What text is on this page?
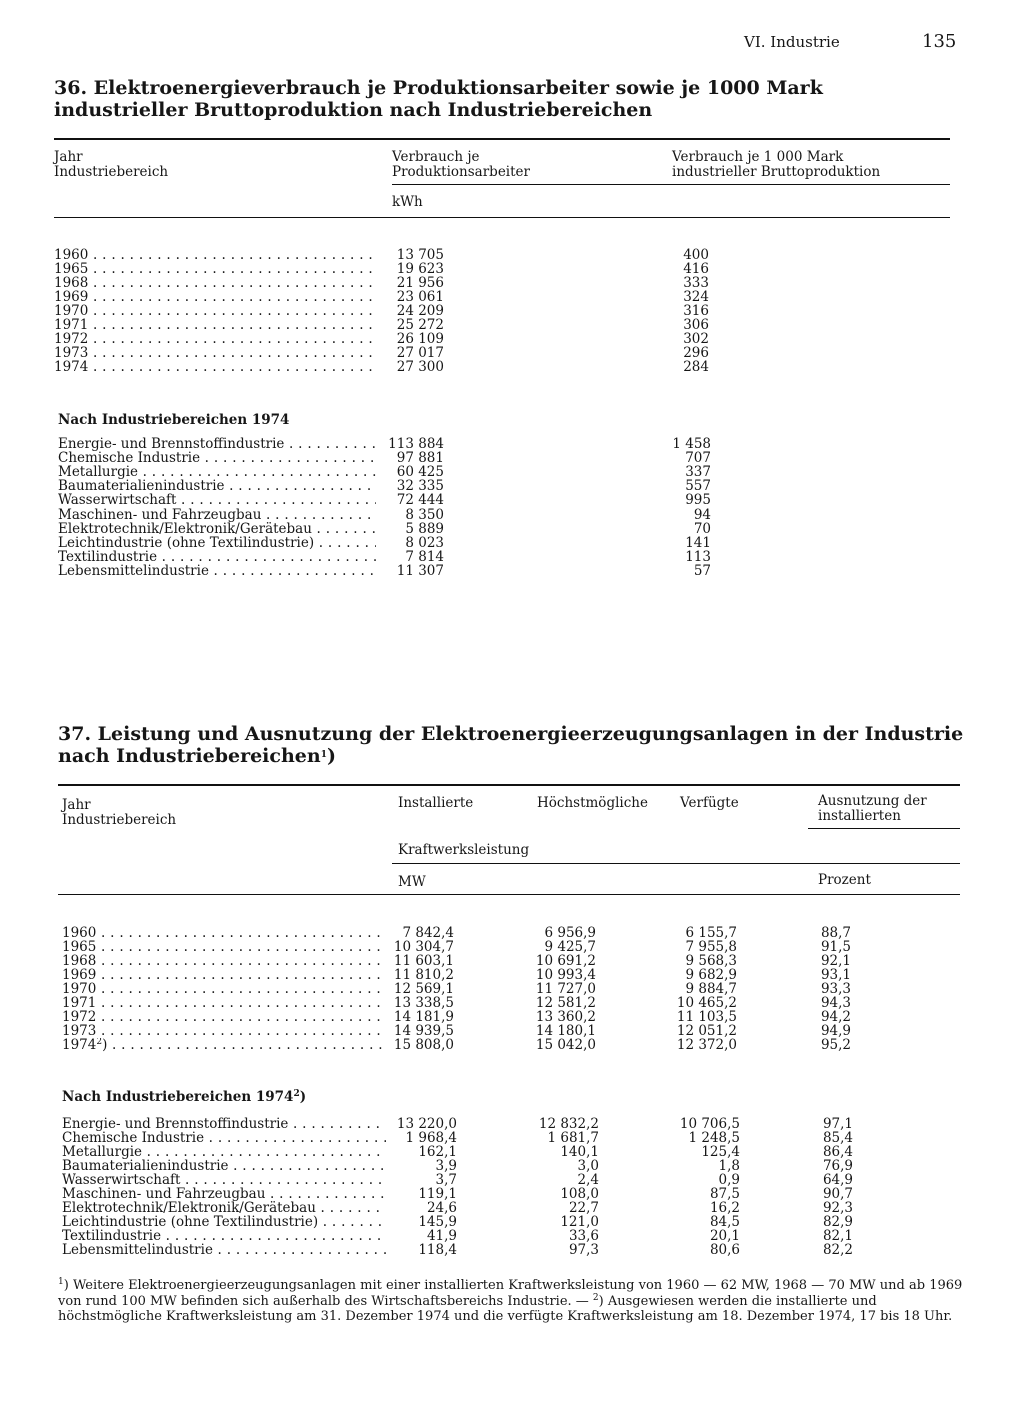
VI. Industrie	135
36. Elektroenergieverbrauch je Produktionsarbeiter sowie je 1000 Mark
industrieller Bruttoproduktion nach Industriebereichen
Jahr
Industriebereich
Verbrauch je
Produktionsarbeiter
Verbrauch je 1 000 Mark
industrieller Bruttoproduktion
kWh
1960 . . .	13 705	400
1965 . . .	19 623	416
1968 . . .	21 956	333
1969 . . .	23 061	324
1970 . . .	24 209	316
1971 . . .	25 272	306
1972 . . .	26 109	302
1973 . . .	27 017	296
1974 . . .	27 300	284
Nach Industriebereichen 1974
Energie- und Brennstoffindustrie . . .	113 884	1 458
Chemische Industrie . . .	97 881	707
Metallurgie . . .	60 425	337
Baumaterialienindustrie . . .	32 335	557
Wasserwirtschaft . . .	72 444	995
Maschinen- und Fahrzeugbau . . .	8 350	94
Elektrotechnik/Elektronik/Gerätebau . . .	5 889	70
Leichtindustrie (ohne Textilindustrie) . . .	8 023	141
Textilindustrie . . .	7 814	113
Lebensmittelindustrie . . .	11 307	57
37. Leistung und Ausnutzung der Elektroenergieerzeugungsanlagen in der Industrie
nach Industriebereichen$^1$)
Jahr
Industriebereich
Installierte	Höchstmögliche Verfügte	Ausnutzung der
installierten
Kraftwerksleistung
MW	Prozent
1960 . . .	7 842,4	6 956,9	6 155,7	88,7
1965 . . .	10 304,7	9 425,7	7 955,8	91,5
1968 . . .	11 603,1	10 691,2	9 568,3	92,1
1969 . . .	11 810,2	10 993,4	9 682,9	93,1
1970 . . .	12 569,1	11 727,0	9 884,7	93,3
1971 . . .	13 338,5	12 581,2	10 465,2	94,3
1972 . . .	14 181,9	13 360,2	11 103,5	94,2
1973 . . .	14 939,5	14 180,1	12 051,2	94,9
1974$^2$) . . .	15 808,0	15 042,0	12 372,0	95,2
Nach Industriebereichen 1974$^2$)
Energie- und Brennstoffindustrie . . .	13 220,0	12 832,2	10 706,5	97,1
Chemische Industrie . . .	1 968,4	1 681,7	1 248,5	85,4
Metallurgie . . .	162,1	140,1	125,4	86,4
Baumaterialienindustrie . . .	3,9	3,0	1,8	76,9
Wasserwirtschaft . . .	3,7	2,4	0,9	64,9
Maschinen- und Fahrzeugbau . . .	119,1	108,0	87,5	90,7
Elektrotechnik/Elektronik/Gerätebau . . .	24,6	22,7	16,2	92,3
Leichtindustrie (ohne Textilindustrie) . . .	145,9	121,0	84,5	82,9
Textilindustrie . . .	41,9	33,6	20,1	82,1
Lebensmittelindustrie . . .	118,4	97,3	80,6	82,2
$^1$) Weitere Elektroenergieerzeugungsanlagen mit einer installierten Kraftwerksleistung von 1960 — 62 MW, 1968 — 70 MW und ab 1969 von rund 100 MW befinden sich außerhalb des Wirtschaftsbereichs Industrie. — $^2$) Ausgewiesen werden die installierte und höchstmögliche Kraftwerksleistung am 31. Dezember 1974 und die verfügte Kraftwerksleistung am 18. Dezember 1974, 17 bis 18 Uhr.
